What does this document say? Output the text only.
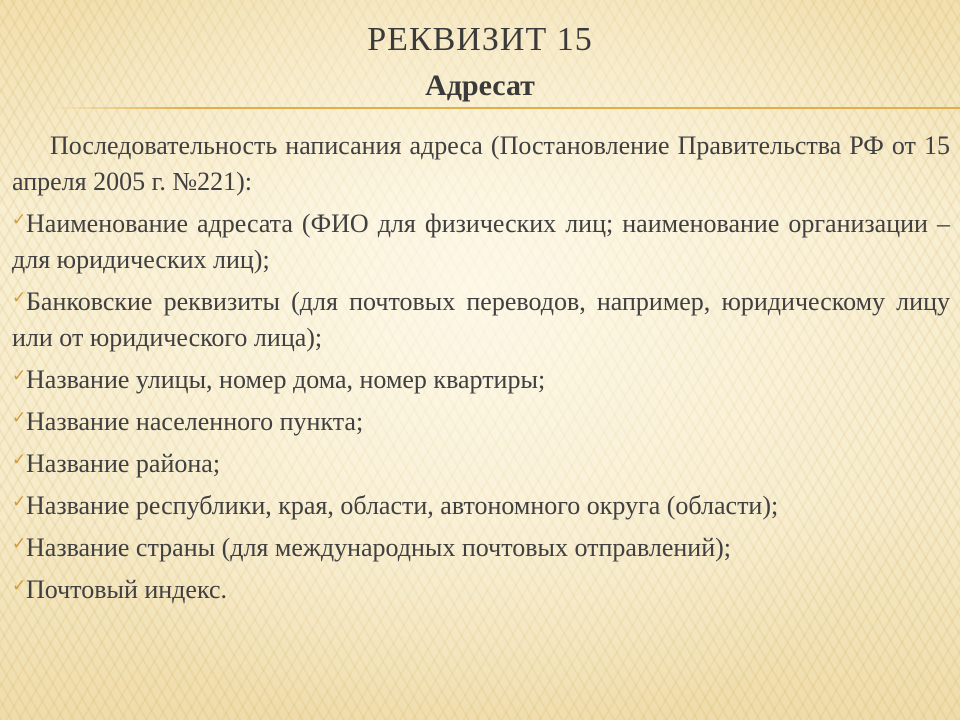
РЕКВИЗИТ 15
Адресат

Последовательность написания адреса (Постановление Правительства РФ от 15 апреля 2005 г. №221):

✓Наименование адресата (ФИО для физических лиц; наименование организации – для юридических лиц);

✓Банковские реквизиты (для почтовых переводов, например, юридическому лицу или от юридического лица);

✓Название улицы, номер дома, номер квартиры;

✓Название населенного пункта;

✓Название района;

✓Название республики, края, области, автономного округа (области);

✓Название страны (для международных почтовых отправлений);

✓Почтовый индекс.
